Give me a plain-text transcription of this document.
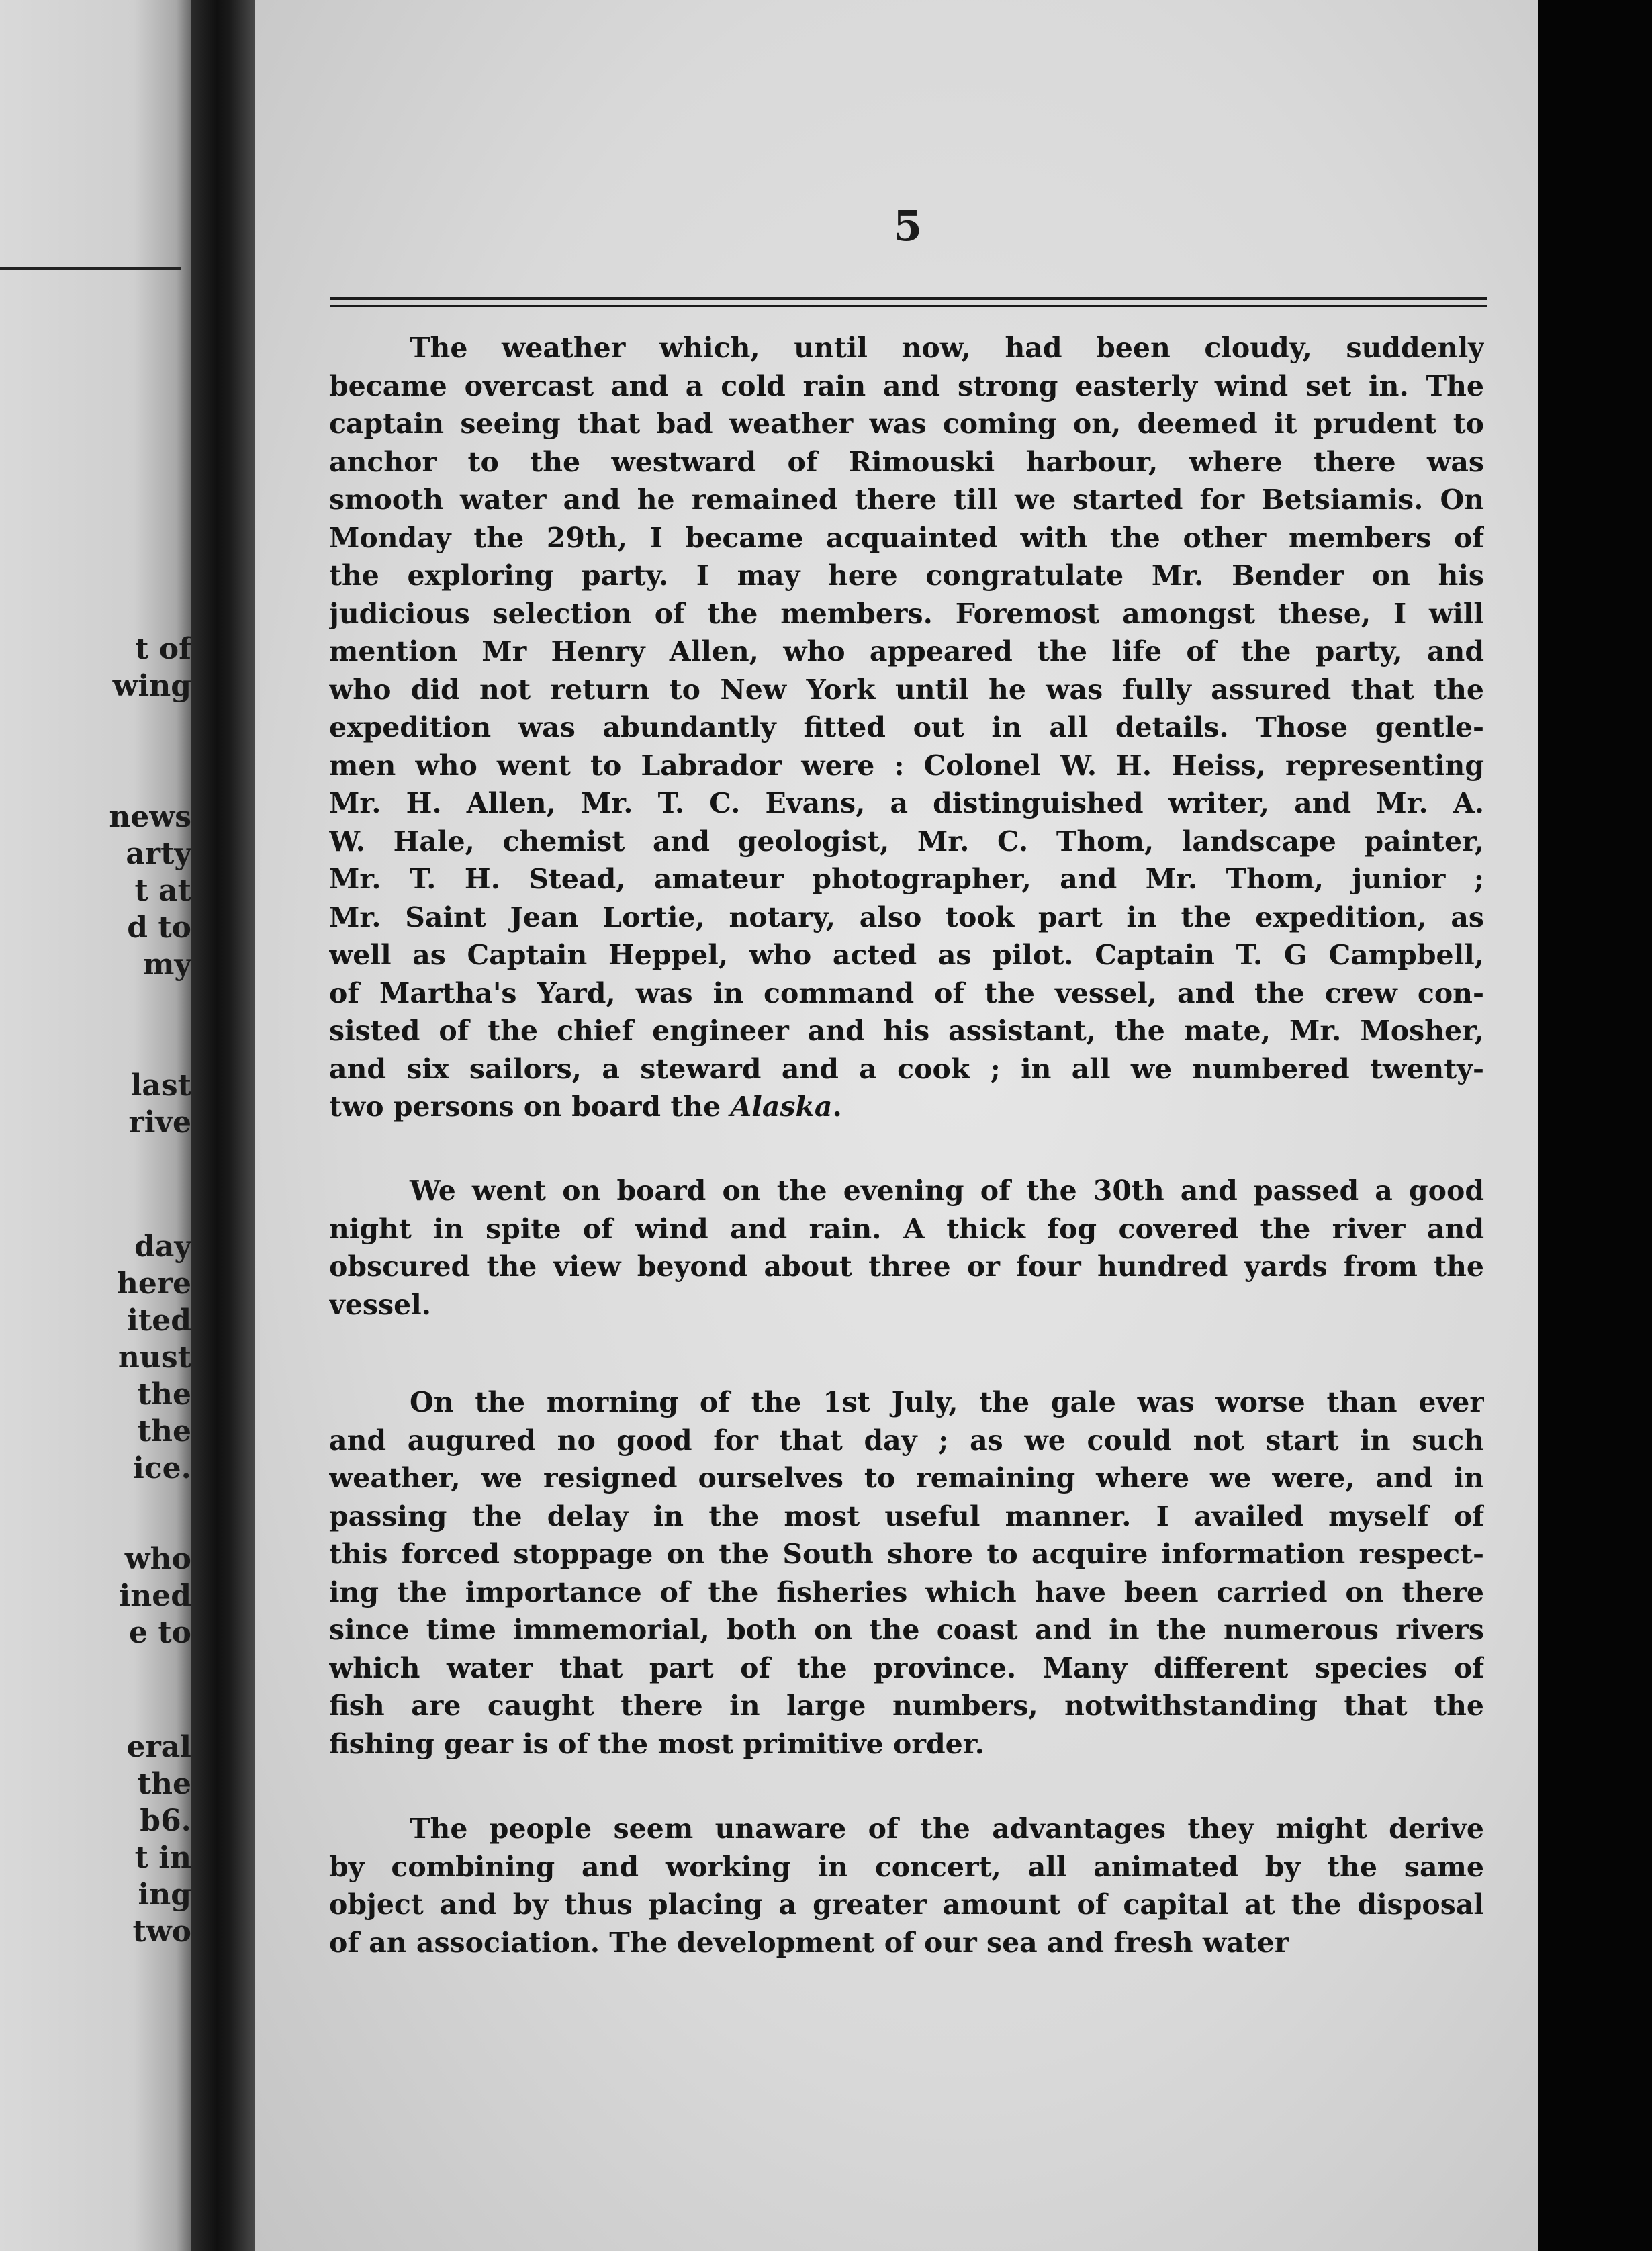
t of
wing
news
arty
t at
d to
my
last
rive
day
here
ited
nust
the
the
ice.
who
ined
e to
eral
the
b6.
t in
ing
two
5
The weather which, until now, had been cloudy, suddenly
became overcast and a cold rain and strong easterly wind set in. The
captain seeing that bad weather was coming on, deemed it prudent to
anchor to the westward of Rimouski harbour, where there was
smooth water and he remained there till we started for Betsiamis. On
Monday the 29th, I became acquainted with the other members of
the exploring party. I may here congratulate Mr. Bender on his
judicious selection of the members. Foremost amongst these, I will
mention Mr Henry Allen, who appeared the life of the party, and
who did not return to New York until he was fully assured that the
expedition was abundantly fitted out in all details. Those gentle-
men who went to Labrador were : Colonel W. H. Heiss, representing
Mr. H. Allen, Mr. T. C. Evans, a distinguished writer, and Mr. A.
W. Hale, chemist and geologist, Mr. C. Thom, landscape painter,
Mr. T. H. Stead, amateur photographer, and Mr. Thom, junior ;
Mr. Saint Jean Lortie, notary, also took part in the expedition, as
well as Captain Heppel, who acted as pilot. Captain T. G Campbell,
of Martha's Yard, was in command of the vessel, and the crew con-
sisted of the chief engineer and his assistant, the mate, Mr. Mosher,
and six sailors, a steward and a cook ; in all we numbered twenty-
two persons on board the Alaska.
We went on board on the evening of the 30th and passed a good
night in spite of wind and rain. A thick fog covered the river and
obscured the view beyond about three or four hundred yards from the
vessel.
On the morning of the 1st July, the gale was worse than ever
and augured no good for that day ; as we could not start in such
weather, we resigned ourselves to remaining where we were, and in
passing the delay in the most useful manner. I availed myself of
this forced stoppage on the South shore to acquire information respect-
ing the importance of the fisheries which have been carried on there
since time immemorial, both on the coast and in the numerous rivers
which water that part of the province. Many different species of
fish are caught there in large numbers, notwithstanding that the
fishing gear is of the most primitive order.
The people seem unaware of the advantages they might derive
by combining and working in concert, all animated by the same
object and by thus placing a greater amount of capital at the disposal
of an association. The development of our sea and fresh water
